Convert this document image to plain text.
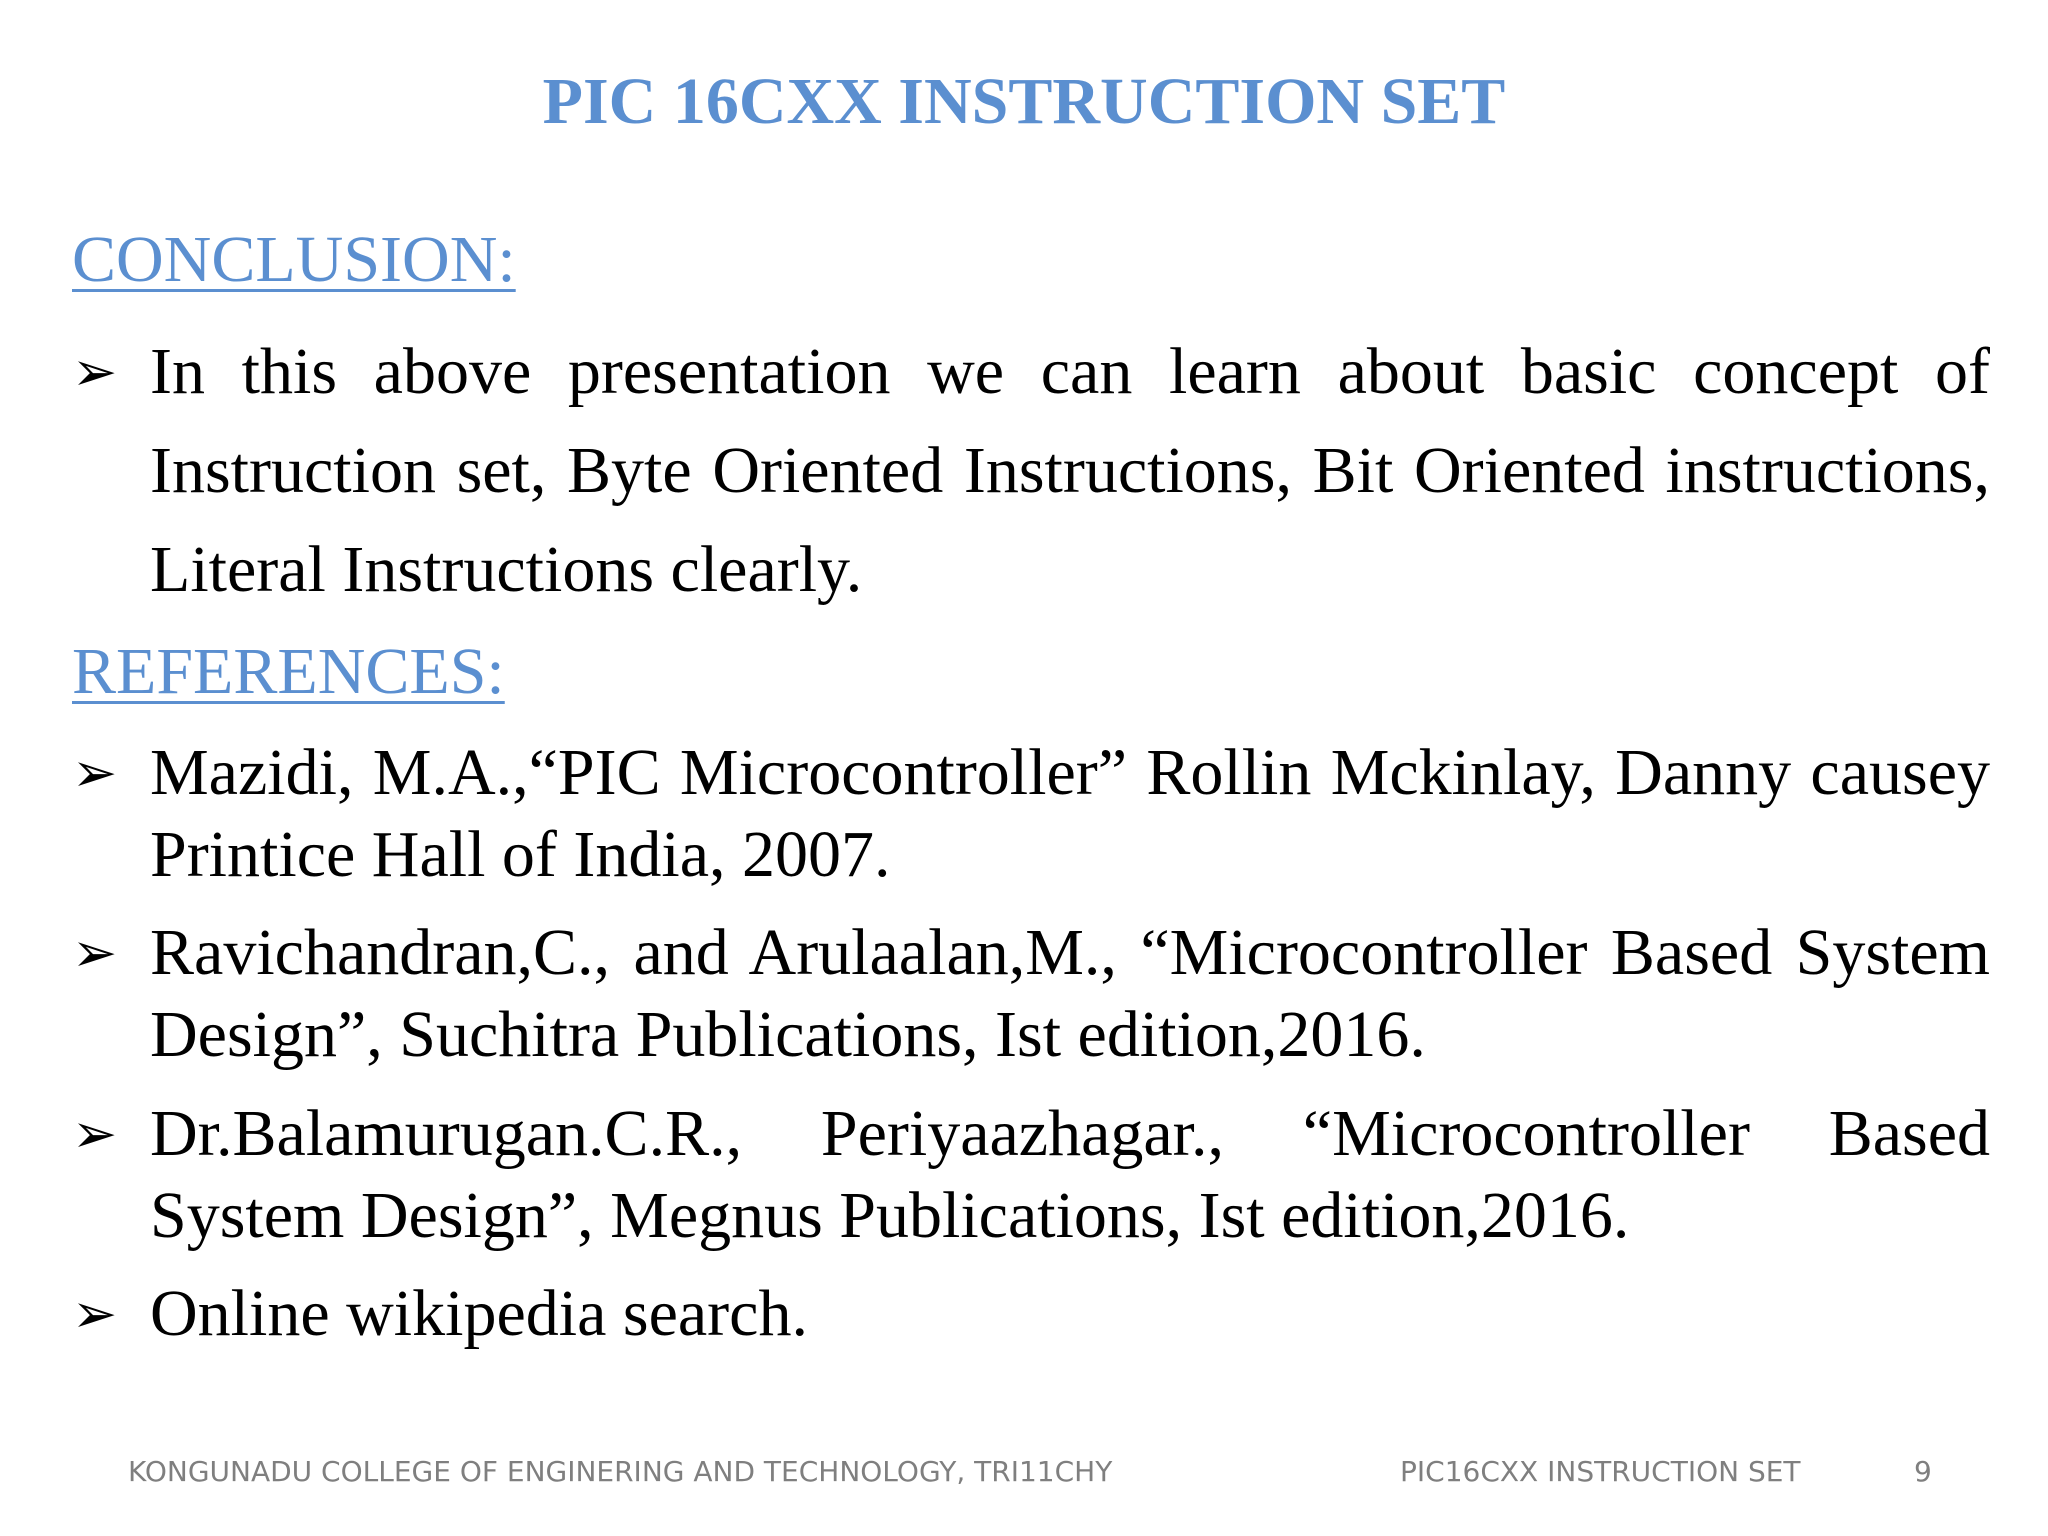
PIC 16CXX INSTRUCTION SET
CONCLUSION:
➢ In this above presentation we can learn about basic concept of Instruction set, Byte Oriented Instructions, Bit Oriented instructions, Literal Instructions clearly.
REFERENCES:
➢ Mazidi, M.A.,“PIC Microcontroller” Rollin Mckinlay, Danny causey Printice Hall of India, 2007.
➢ Ravichandran,C., and Arulaalan,M., “Microcontroller Based System Design”, Suchitra Publications, Ist edition,2016.
➢ Dr.Balamurugan.C.R., Periyaazhagar., “Microcontroller Based System Design”, Megnus Publications, Ist edition,2016.
➢ Online wikipedia search.
KONGUNADU COLLEGE OF ENGINERING AND TECHNOLOGY, TRI11CHY	PIC16CXX INSTRUCTION SET	9
